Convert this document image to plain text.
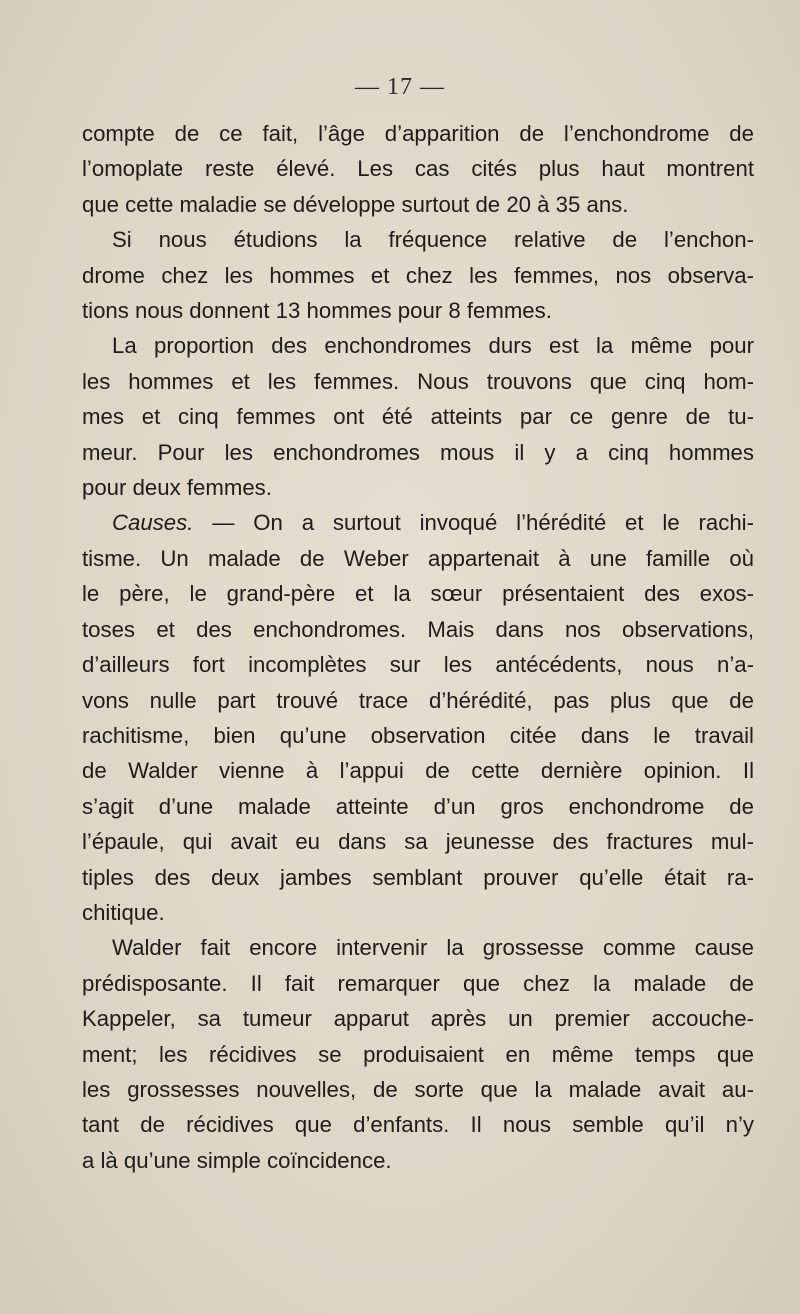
— 17 —
compte de ce fait, l’âge d’apparition de l’enchondrome de
l’omoplate reste élevé. Les cas cités plus haut montrent
que cette maladie se développe surtout de 20 à 35 ans.
Si nous étudions la fréquence relative de l’enchon-
drome chez les hommes et chez les femmes, nos observa-
tions nous donnent 13 hommes pour 8 femmes.
La proportion des enchondromes durs est la même pour
les hommes et les femmes. Nous trouvons que cinq hom-
mes et cinq femmes ont été atteints par ce genre de tu-
meur. Pour les enchondromes mous il y a cinq hommes
pour deux femmes.
Causes. — On a surtout invoqué l’hérédité et le rachi-
tisme. Un malade de Weber appartenait à une famille où
le père, le grand-père et la sœur présentaient des exos-
toses et des enchondromes. Mais dans nos observations,
d’ailleurs fort incomplètes sur les antécédents, nous n’a-
vons nulle part trouvé trace d’hérédité, pas plus que de
rachitisme, bien qu’une observation citée dans le travail
de Walder vienne à l’appui de cette dernière opinion. Il
s’agit d’une malade atteinte d’un gros enchondrome de
l’épaule, qui avait eu dans sa jeunesse des fractures mul-
tiples des deux jambes semblant prouver qu’elle était ra-
chitique.
Walder fait encore intervenir la grossesse comme cause
prédisposante. Il fait remarquer que chez la malade de
Kappeler, sa tumeur apparut après un premier accouche-
ment; les récidives se produisaient en même temps que
les grossesses nouvelles, de sorte que la malade avait au-
tant de récidives que d’enfants. Il nous semble qu’il n’y
a là qu’une simple coïncidence.
